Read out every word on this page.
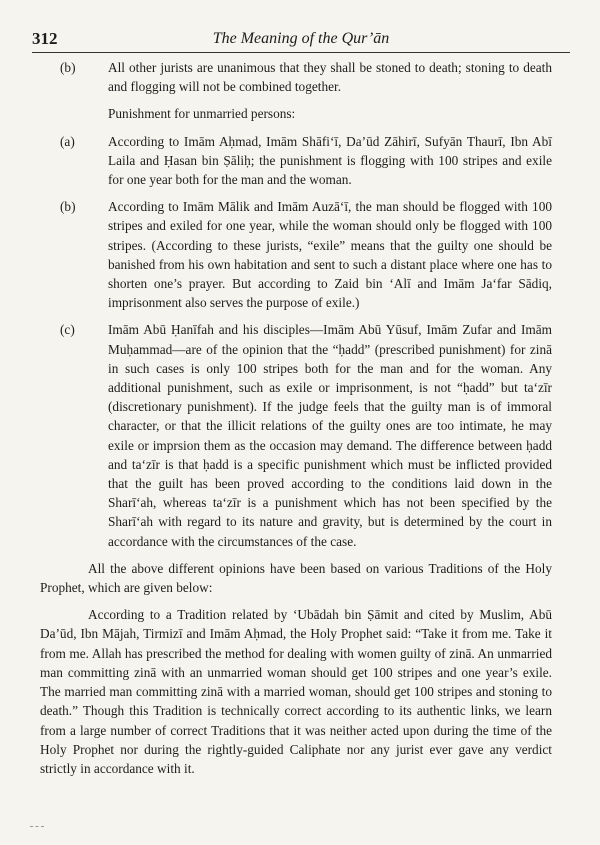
312	The Meaning of the Qur’ān
(b) All other jurists are unanimous that they shall be stoned to death; stoning to death and flogging will not be combined together.
Punishment for unmarried persons:
(a) According to Imām Aḥmad, Imām Shāfi‘ī, Da’ūd Zāhirī, Sufyān Thaurī, Ibn Abī Laila and Ḥasan bin Ṣāliḥ; the punishment is flogging with 100 stripes and exile for one year both for the man and the woman.
(b) According to Imām Mālik and Imām Auzā‘ī, the man should be flogged with 100 stripes and exiled for one year, while the woman should only be flogged with 100 stripes. (According to these jurists, “exile” means that the guilty one should be banished from his own habitation and sent to such a distant place where one has to shorten one’s prayer. But according to Zaid bin ‘Alī and Imām Ja‘far Sādiq, imprisonment also serves the purpose of exile.)
(c) Imām Abū Ḥanīfah and his disciples—Imām Abū Yūsuf, Imām Zufar and Imām Muḥammad—are of the opinion that the “ḥadd” (prescribed punishment) for zinā in such cases is only 100 stripes both for the man and for the woman. Any additional punishment, such as exile or imprisonment, is not “ḥadd” but ta‘zīr (discretionary punishment). If the judge feels that the guilty man is of immoral character, or that the illicit relations of the guilty ones are too intimate, he may exile or imprsion them as the occasion may demand. The difference between ḥadd and ta‘zīr is that ḥadd is a specific punishment which must be inflicted provided that the guilt has been proved according to the conditions laid down in the Sharī‘ah, whereas ta‘zīr is a punishment which has not been specified by the Sharī‘ah with regard to its nature and gravity, but is determined by the court in accordance with the circumstances of the case.

All the above different opinions have been based on various Traditions of the Holy Prophet, which are given below:

According to a Tradition related by ‘Ubādah bin Ṣāmit and cited by Muslim, Abū Da’ūd, Ibn Mājah, Tirmizī and Imām Aḥmad, the Holy Prophet said: “Take it from me. Take it from me. Allah has prescribed the method for dealing with women guilty of zinā. An unmarried man committing zinā with an unmarried woman should get 100 stripes and one year’s exile. The married man committing zinā with a married woman, should get 100 stripes and stoning to death.” Though this Tradition is technically correct according to its authentic links, we learn from a large number of correct Traditions that it was neither acted upon during the time of the Holy Prophet nor during the rightly-guided Caliphate nor any jurist ever gave any verdict strictly in accordance with it.
